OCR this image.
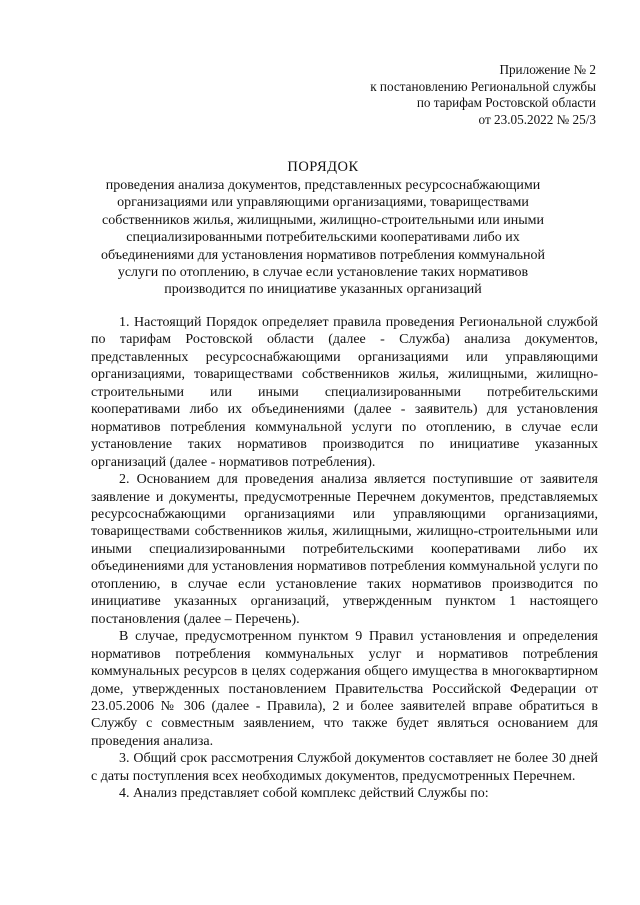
Приложение № 2
к постановлению Региональной службы
по тарифам Ростовской области
от 23.05.2022 № 25/3
ПОРЯДОК
проведения анализа документов, представленных ресурсоснабжающими организациями или управляющими организациями, товариществами собственников жилья, жилищными, жилищно-строительными или иными специализированными потребительскими кооперативами либо их объединениями для установления нормативов потребления коммунальной услуги по отоплению, в случае если установление таких нормативов производится по инициативе указанных организаций

1. Настоящий Порядок определяет правила проведения Региональной службой по тарифам Ростовской области (далее - Служба) анализа документов, представленных ресурсоснабжающими организациями или управляющими организациями, товариществами собственников жилья, жилищными, жилищно-строительными или иными специализированными потребительскими кооперативами либо их объединениями (далее - заявитель) для установления нормативов потребления коммунальной услуги по отоплению, в случае если установление таких нормативов производится по инициативе указанных организаций (далее - нормативов потребления).

2. Основанием для проведения анализа является поступившие от заявителя заявление и документы, предусмотренные Перечнем документов, представляемых ресурсоснабжающими организациями или управляющими организациями, товариществами собственников жилья, жилищными, жилищно-строительными или иными специализированными потребительскими кооперативами либо их объединениями для установления нормативов потребления коммунальной услуги по отоплению, в случае если установление таких нормативов производится по инициативе указанных организаций, утвержденным пунктом 1 настоящего постановления (далее – Перечень).

В случае, предусмотренном пунктом 9 Правил установления и определения нормативов потребления коммунальных услуг и нормативов потребления коммунальных ресурсов в целях содержания общего имущества в многоквартирном доме, утвержденных постановлением Правительства Российской Федерации от 23.05.2006 № 306 (далее - Правила), 2 и более заявителей вправе обратиться в Службу с совместным заявлением, что также будет являться основанием для проведения анализа.

3. Общий срок рассмотрения Службой документов составляет не более 30 дней с даты поступления всех необходимых документов, предусмотренных Перечнем.

4. Анализ представляет собой комплекс действий Службы по:
